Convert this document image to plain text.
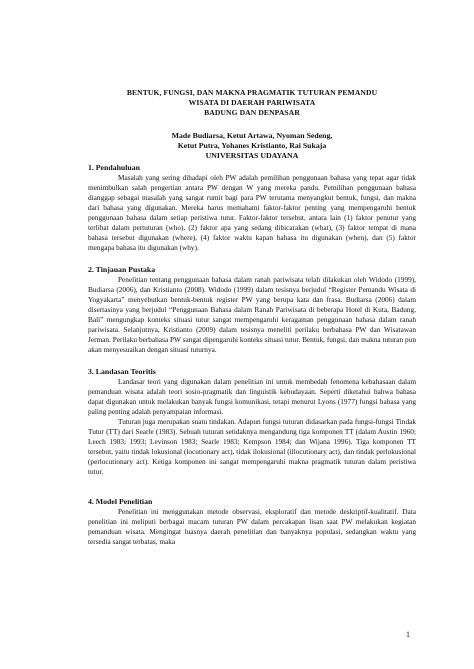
BENTUK, FUNGSI, DAN MAKNA PRAGMATIK TUTURAN PEMANDU
WISATA DI DAERAH PARIWISATA
BADUNG DAN DENPASAR
Made Budiarsa, Ketut Artawa, Nyoman Sedeng,
Ketut Putra, Yohanes Kristianto, Rai Sukaja
UNIVERSITAS UDAYANA
1. Pendahuluan

Masalah yang sering dihadapi oleh PW adalah pemilihan penggunaan bahasa yang tepat agar tidak menimbulkan salah pengertian antara PW dengan W yang mereka pandu. Pemilihan penggunaan bahasa dianggap sebagai masalah yang sangat rumit bagi para PW terutama menyangkut bentuk, fungsi, dan makna dari bahasa yang digunakan. Mereka harus memahami faktor-faktor penting yang mempengaruhi bentuk penggunaan bahasa dalam setiap peristiwa tutur. Faktor-faktor tersebut, antara lain (1) faktor penutur yang terlibat dalam pertuturan (who), (2) faktor apa yang sedang dibicarakan (what), (3) faktor tempat di mana bahasa tersebut digunakan (where), (4) faktor waktu kapan bahasa itu digunakan (when), dan (5) faktor mengapa bahasa itu digunakan (why).

2. Tinjauan Pustaka

Penelitian tentang penggunaan bahasa dalam ranah pariwisata telah dilakukan oleh Widodo (1999), Budiarsa (2006), dan Kristianto (2008). Widodo (1999) dalam tesisnya berjudul “Register Pemandu Wisata di Yogyakarta” menyebutkan bentuk-bentuk register PW yang berupa kata dan frasa. Budiarsa (2006) dalam disertasinya yang berjudul “Penggunaan Bahasa dalam Ranah Pariwisata di beberapa Hotel di Kuta, Badung, Bali” mengungkap konteks situasi tutur sangat mempengaruhi keragaman penggunaan bahasa dalam ranah pariwisata. Selanjutnya, Kristianto (2009) dalam tesisnya meneliti perilaku berbahasa PW dan Wisatawan Jerman. Perilaku berbahasa PW sangat dipengaruhi konteks situasi tutur. Bentuk, fungsi, dan makna tuturan pun akan menyesuaikan dengan situasi tuturnya.

3. Landasan Teoritis

Landasar teori yang digunakan dalam penelitian ini untuk membedah fenomena kebahasaan dalam pemanduan wisata adalah teori sosio-pragmatik dan linguistik kebudayaan. Seperti diketahui bahwa bahasa dapat digunakan untuk melakukan banyak fungsi komunikasi, tetapi menurut Lyons (1977) fungsi bahasa yang paling penting adalah penyampaian informasi.

Tuturan juga merupakan suatu tindakan. Adapun fungsi tuturan didasarkan pada fungsi-fungsi Tindak Tutur (TT) dari Searle (1983). Sebuah tuturan setidaknya mengandung tiga komponen TT (dalam Austin 1960; Leech 1983; 1993; Levinson 1983; Searle 1983; Kempson 1984; dan Wijana 1996). Tiga komponen TT tersebut, yaitu tindak lokusional (locutionary act), tidak ilokusional (illocutionary act), dan tindak perlokusional (perlocutionary act). Ketiga komponen ini sangat mempengaruhi makna pragmatik tuturan dalam peristiwa tutur.

4. Model Penelitian

Penelitian ini menggunakan metode observasi, eksploratif dan metode deskriptif-kualitatif. Data penelitian ini meliputi berbagai macam tuturan PW dalam percakapan lisan saat PW melakukan kegiatan pemanduan wisata. Mengingat luasnya daerah penelitian dan banyaknya populasi, sedangkan waktu yang tersedia sangat terbatas, maka

1
